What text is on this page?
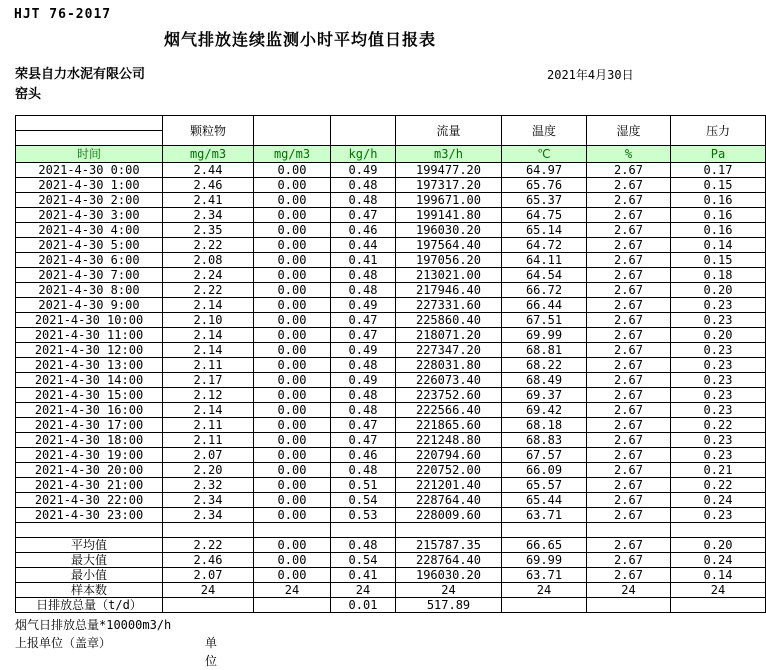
HJT 76-2017
烟气排放连续监测小时平均值日报表
荣县自力水泥有限公司
窑头
2021年4月30日
	颗粒物			流量	温度	湿度	压力

时间	mg/m3	mg/m3	kg/h	m3/h	℃	%	Pa
2021-4-30 0:00	2.44	0.00	0.49	199477.20	64.97	2.67	0.17
2021-4-30 1:00	2.46	0.00	0.48	197317.20	65.76	2.67	0.15
2021-4-30 2:00	2.41	0.00	0.48	199671.00	65.37	2.67	0.16
2021-4-30 3:00	2.34	0.00	0.47	199141.80	64.75	2.67	0.16
2021-4-30 4:00	2.35	0.00	0.46	196030.20	65.14	2.67	0.16
2021-4-30 5:00	2.22	0.00	0.44	197564.40	64.72	2.67	0.14
2021-4-30 6:00	2.08	0.00	0.41	197056.20	64.11	2.67	0.15
2021-4-30 7:00	2.24	0.00	0.48	213021.00	64.54	2.67	0.18
2021-4-30 8:00	2.22	0.00	0.48	217946.40	66.72	2.67	0.20
2021-4-30 9:00	2.14	0.00	0.49	227331.60	66.44	2.67	0.23
2021-4-30 10:00	2.10	0.00	0.47	225860.40	67.51	2.67	0.23
2021-4-30 11:00	2.14	0.00	0.47	218071.20	69.99	2.67	0.20
2021-4-30 12:00	2.14	0.00	0.49	227347.20	68.81	2.67	0.23
2021-4-30 13:00	2.11	0.00	0.48	228031.80	68.22	2.67	0.23
2021-4-30 14:00	2.17	0.00	0.49	226073.40	68.49	2.67	0.23
2021-4-30 15:00	2.12	0.00	0.48	223752.60	69.37	2.67	0.23
2021-4-30 16:00	2.14	0.00	0.48	222566.40	69.42	2.67	0.23
2021-4-30 17:00	2.11	0.00	0.47	221865.60	68.18	2.67	0.22
2021-4-30 18:00	2.11	0.00	0.47	221248.80	68.83	2.67	0.23
2021-4-30 19:00	2.07	0.00	0.46	220794.60	67.57	2.67	0.23
2021-4-30 20:00	2.20	0.00	0.48	220752.00	66.09	2.67	0.21
2021-4-30 21:00	2.32	0.00	0.51	221201.40	65.57	2.67	0.22
2021-4-30 22:00	2.34	0.00	0.54	228764.40	65.44	2.67	0.24
2021-4-30 23:00	2.34	0.00	0.53	228009.60	63.71	2.67	0.23

平均值	2.22	0.00	0.48	215787.35	66.65	2.67	0.20
最大值	2.46	0.00	0.54	228764.40	69.99	2.67	0.24
最小值	2.07	0.00	0.41	196030.20	63.71	2.67	0.14
样本数	24	24	24	24	24	24	24
日排放总量（t/d）			0.01	517.89			
烟气日排放总量*10000m3/h
上报单位（盖章）	单位
